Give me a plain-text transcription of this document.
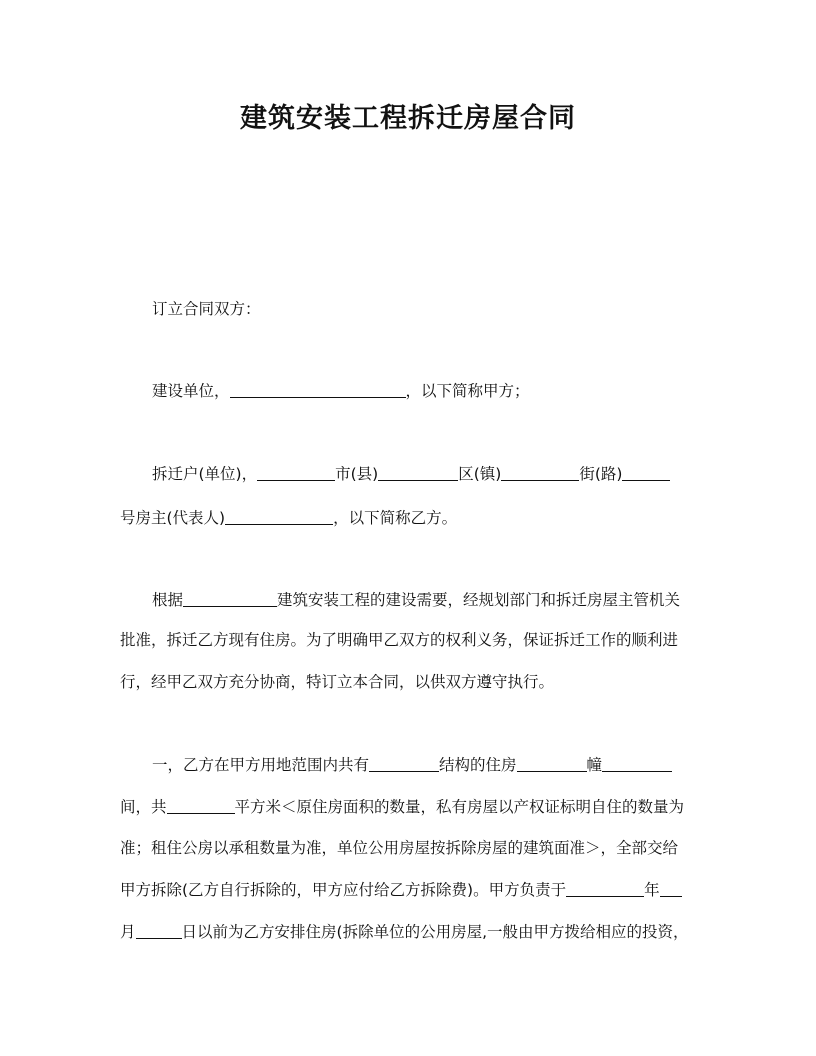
建筑安装工程拆迁房屋合同
订立合同双方：
建设单位，	，以下简称甲方；
拆迁户(单位)，	市(县)	区(镇)	街(路)
号房主(代表人)	，以下简称乙方。
根据	建筑安装工程的建设需要，经规划部门和拆迁房屋主管机关
批准，拆迁乙方现有住房。为了明确甲乙双方的权利义务，保证拆迁工作的顺利进
行，经甲乙双方充分协商，特订立本合同，以供双方遵守执行。
一，乙方在甲方用地范围内共有	结构的住房	幢
间，共	平方米＜原住房面积的数量，私有房屋以产权证标明自住的数量为
准；租住公房以承租数量为准，单位公用房屋按拆除房屋的建筑面准＞，全部交给
甲方拆除(乙方自行拆除的，甲方应付给乙方拆除费)。甲方负责于	年
月	日以前为乙方安排住房(拆除单位的公用房屋,一般由甲方拨给相应的投资，
